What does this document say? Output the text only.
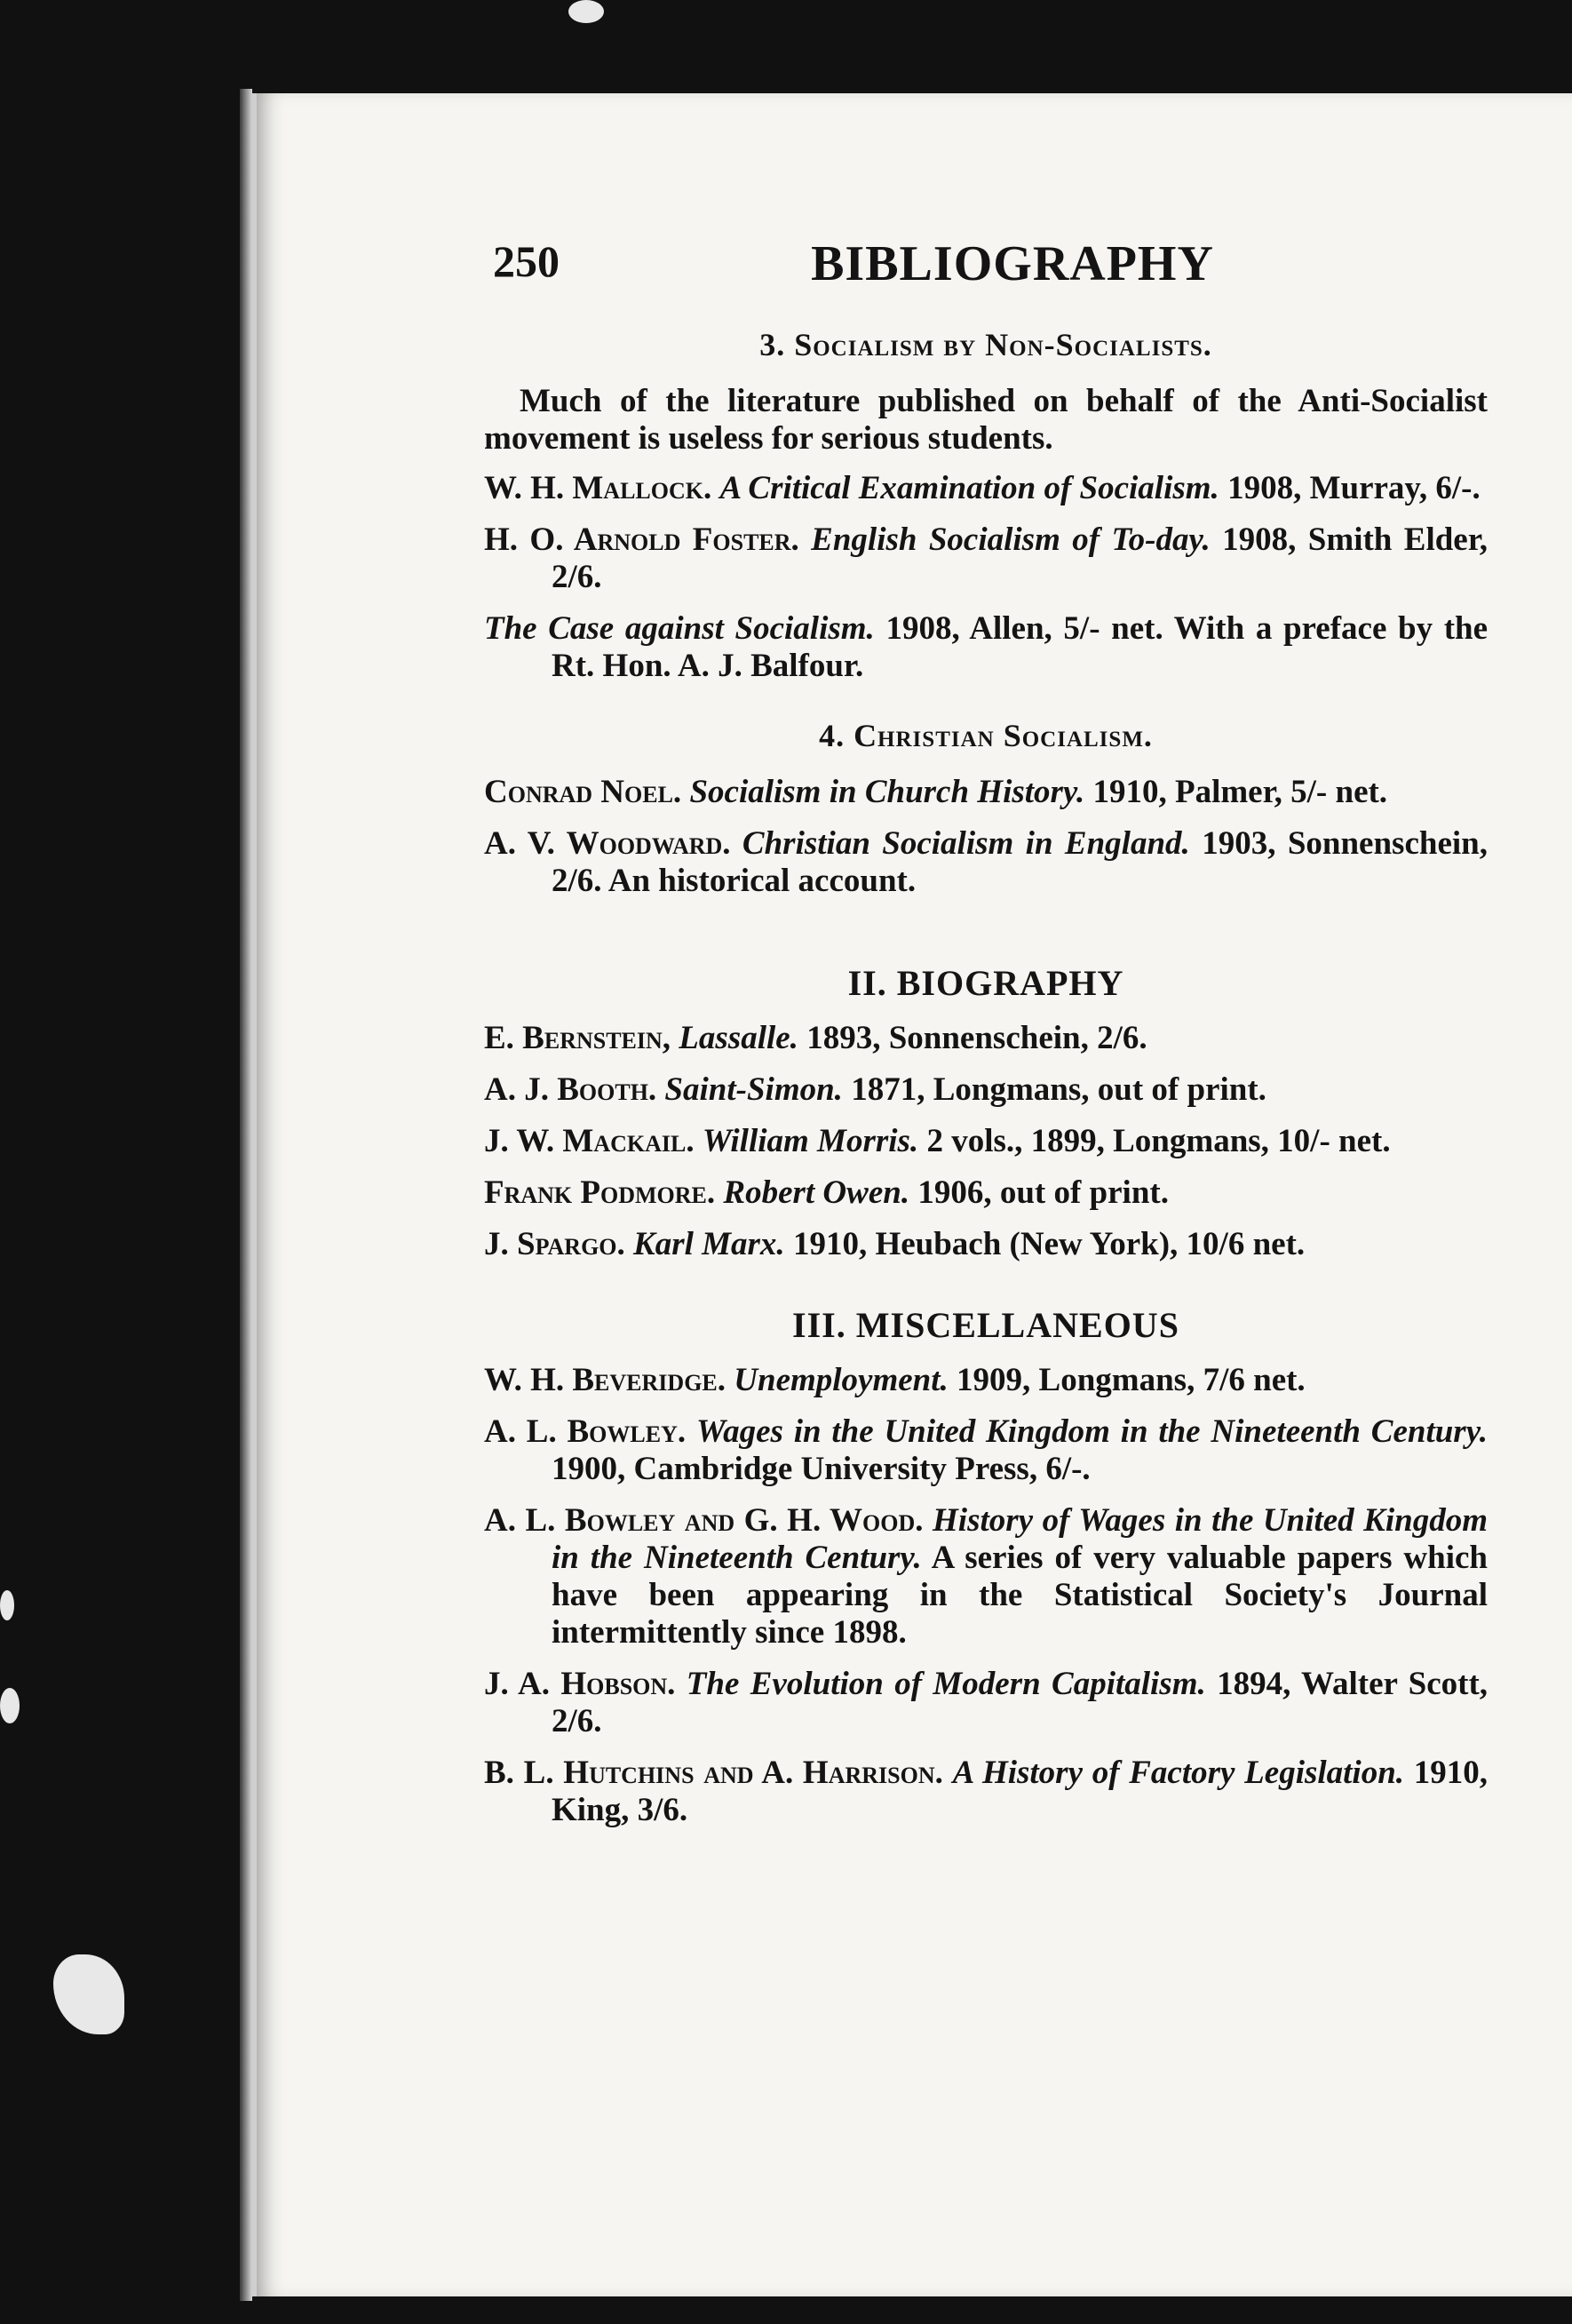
250	BIBLIOGRAPHY
3. Socialism by Non-Socialists.

Much of the literature published on behalf of the Anti-Socialist movement is useless for serious students.

W. H. Mallock. A Critical Examination of Socialism. 1908, Murray, 6/-.

H. O. Arnold Foster. English Socialism of To-day. 1908, Smith Elder, 2/6.

The Case against Socialism. 1908, Allen, 5/- net. With a preface by the Rt. Hon. A. J. Balfour.

4. Christian Socialism.

Conrad Noel. Socialism in Church History. 1910, Palmer, 5/- net.

A. V. Woodward. Christian Socialism in England. 1903, Sonnenschein, 2/6. An historical account.

II. BIOGRAPHY

E. Bernstein, Lassalle. 1893, Sonnenschein, 2/6.

A. J. Booth. Saint-Simon. 1871, Longmans, out of print.

J. W. Mackail. William Morris. 2 vols., 1899, Longmans, 10/- net.

Frank Podmore. Robert Owen. 1906, out of print.

J. Spargo. Karl Marx. 1910, Heubach (New York), 10/6 net.

III. MISCELLANEOUS

W. H. Beveridge. Unemployment. 1909, Longmans, 7/6 net.

A. L. Bowley. Wages in the United Kingdom in the Nineteenth Century. 1900, Cambridge University Press, 6/-.

A. L. Bowley and G. H. Wood. History of Wages in the United Kingdom in the Nineteenth Century. A series of very valuable papers which have been appearing in the Statistical Society's Journal intermittently since 1898.

J. A. Hobson. The Evolution of Modern Capitalism. 1894, Walter Scott, 2/6.

B. L. Hutchins and A. Harrison. A History of Factory Legislation. 1910, King, 3/6.
